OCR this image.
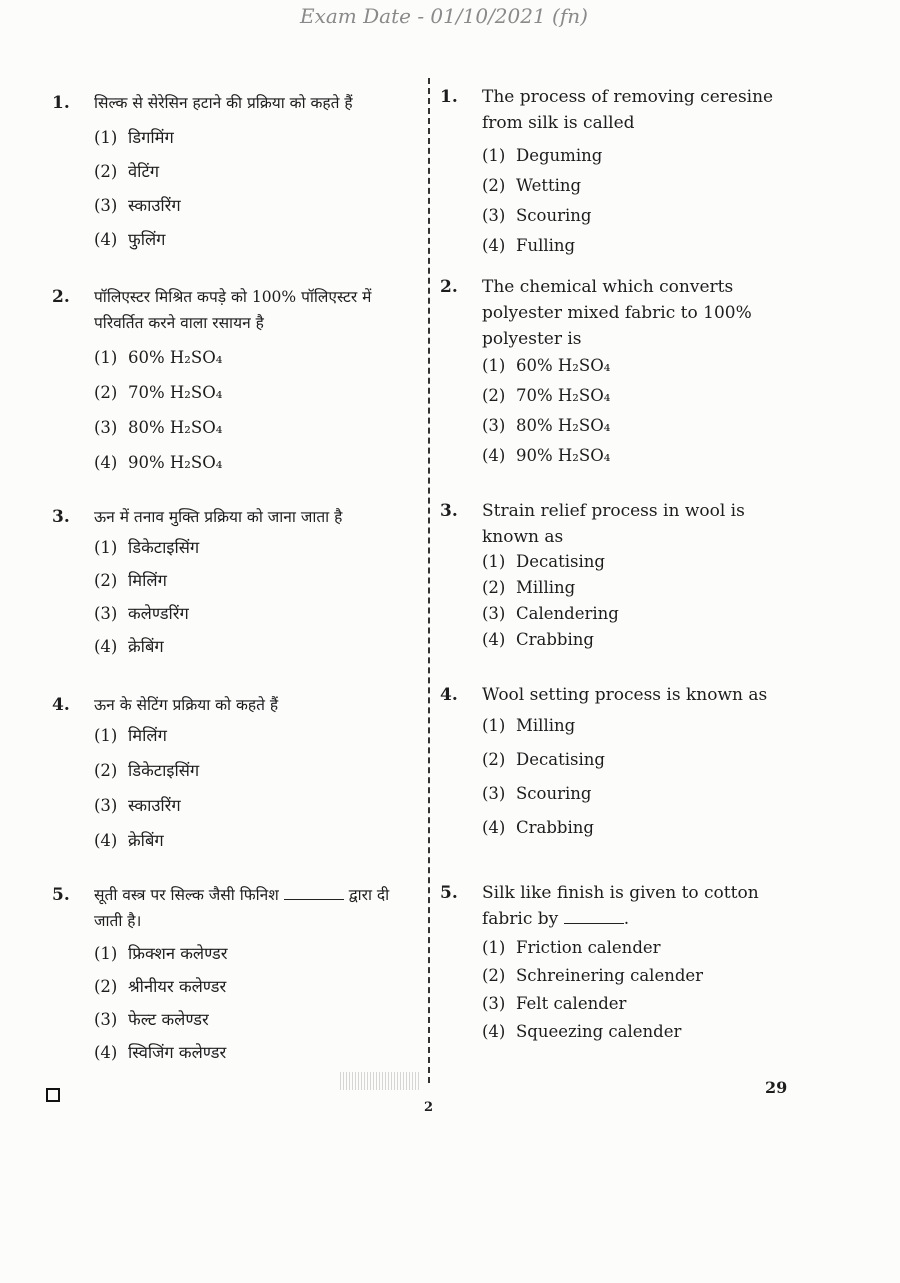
Exam Date - 01/10/2021 (fn)
1. सिल्क से सेरेसिन हटाने की प्रक्रिया को कहते हैं
(1) डिगमिंग
(2) वेटिंग
(3) स्काउरिंग
(4) फुलिंग
2. पॉलिएस्टर मिश्रित कपड़े को 100% पॉलिएस्टर में परिवर्तित करने वाला रसायन है
(1) 60% H₂SO₄
(2) 70% H₂SO₄
(3) 80% H₂SO₄
(4) 90% H₂SO₄
3. ऊन में तनाव मुक्ति प्रक्रिया को जाना जाता है
(1) डिकेटाइसिंग
(2) मिलिंग
(3) कलेण्डरिंग
(4) क्रेबिंग
4. ऊन के सेटिंग प्रक्रिया को कहते हैं
(1) मिलिंग
(2) डिकेटाइसिंग
(3) स्काउरिंग
(4) क्रेबिंग
5. सूती वस्त्र पर सिल्क जैसी फिनिश	द्वारा दी जाती है।
(1) फ्रिक्शन कलेण्डर
(2) श्रीनीयर कलेण्डर
(3) फेल्ट कलेण्डर
(4) स्विजिंग कलेण्डर
1. The process of removing ceresine from silk is called
(1) Deguming
(2) Wetting
(3) Scouring
(4) Fulling
2. The chemical which converts polyester mixed fabric to 100% polyester is
(1) 60% H₂SO₄
(2) 70% H₂SO₄
(3) 80% H₂SO₄
(4) 90% H₂SO₄
3. Strain relief process in wool is known as
(1) Decatising
(2) Milling
(3) Calendering
(4) Crabbing
4. Wool setting process is known as
(1) Milling
(2) Decatising
(3) Scouring
(4) Crabbing
5. Silk like finish is given to cotton fabric by	.
(1) Friction calender
(2) Schreinering calender
(3) Felt calender
(4) Squeezing calender
2
29
